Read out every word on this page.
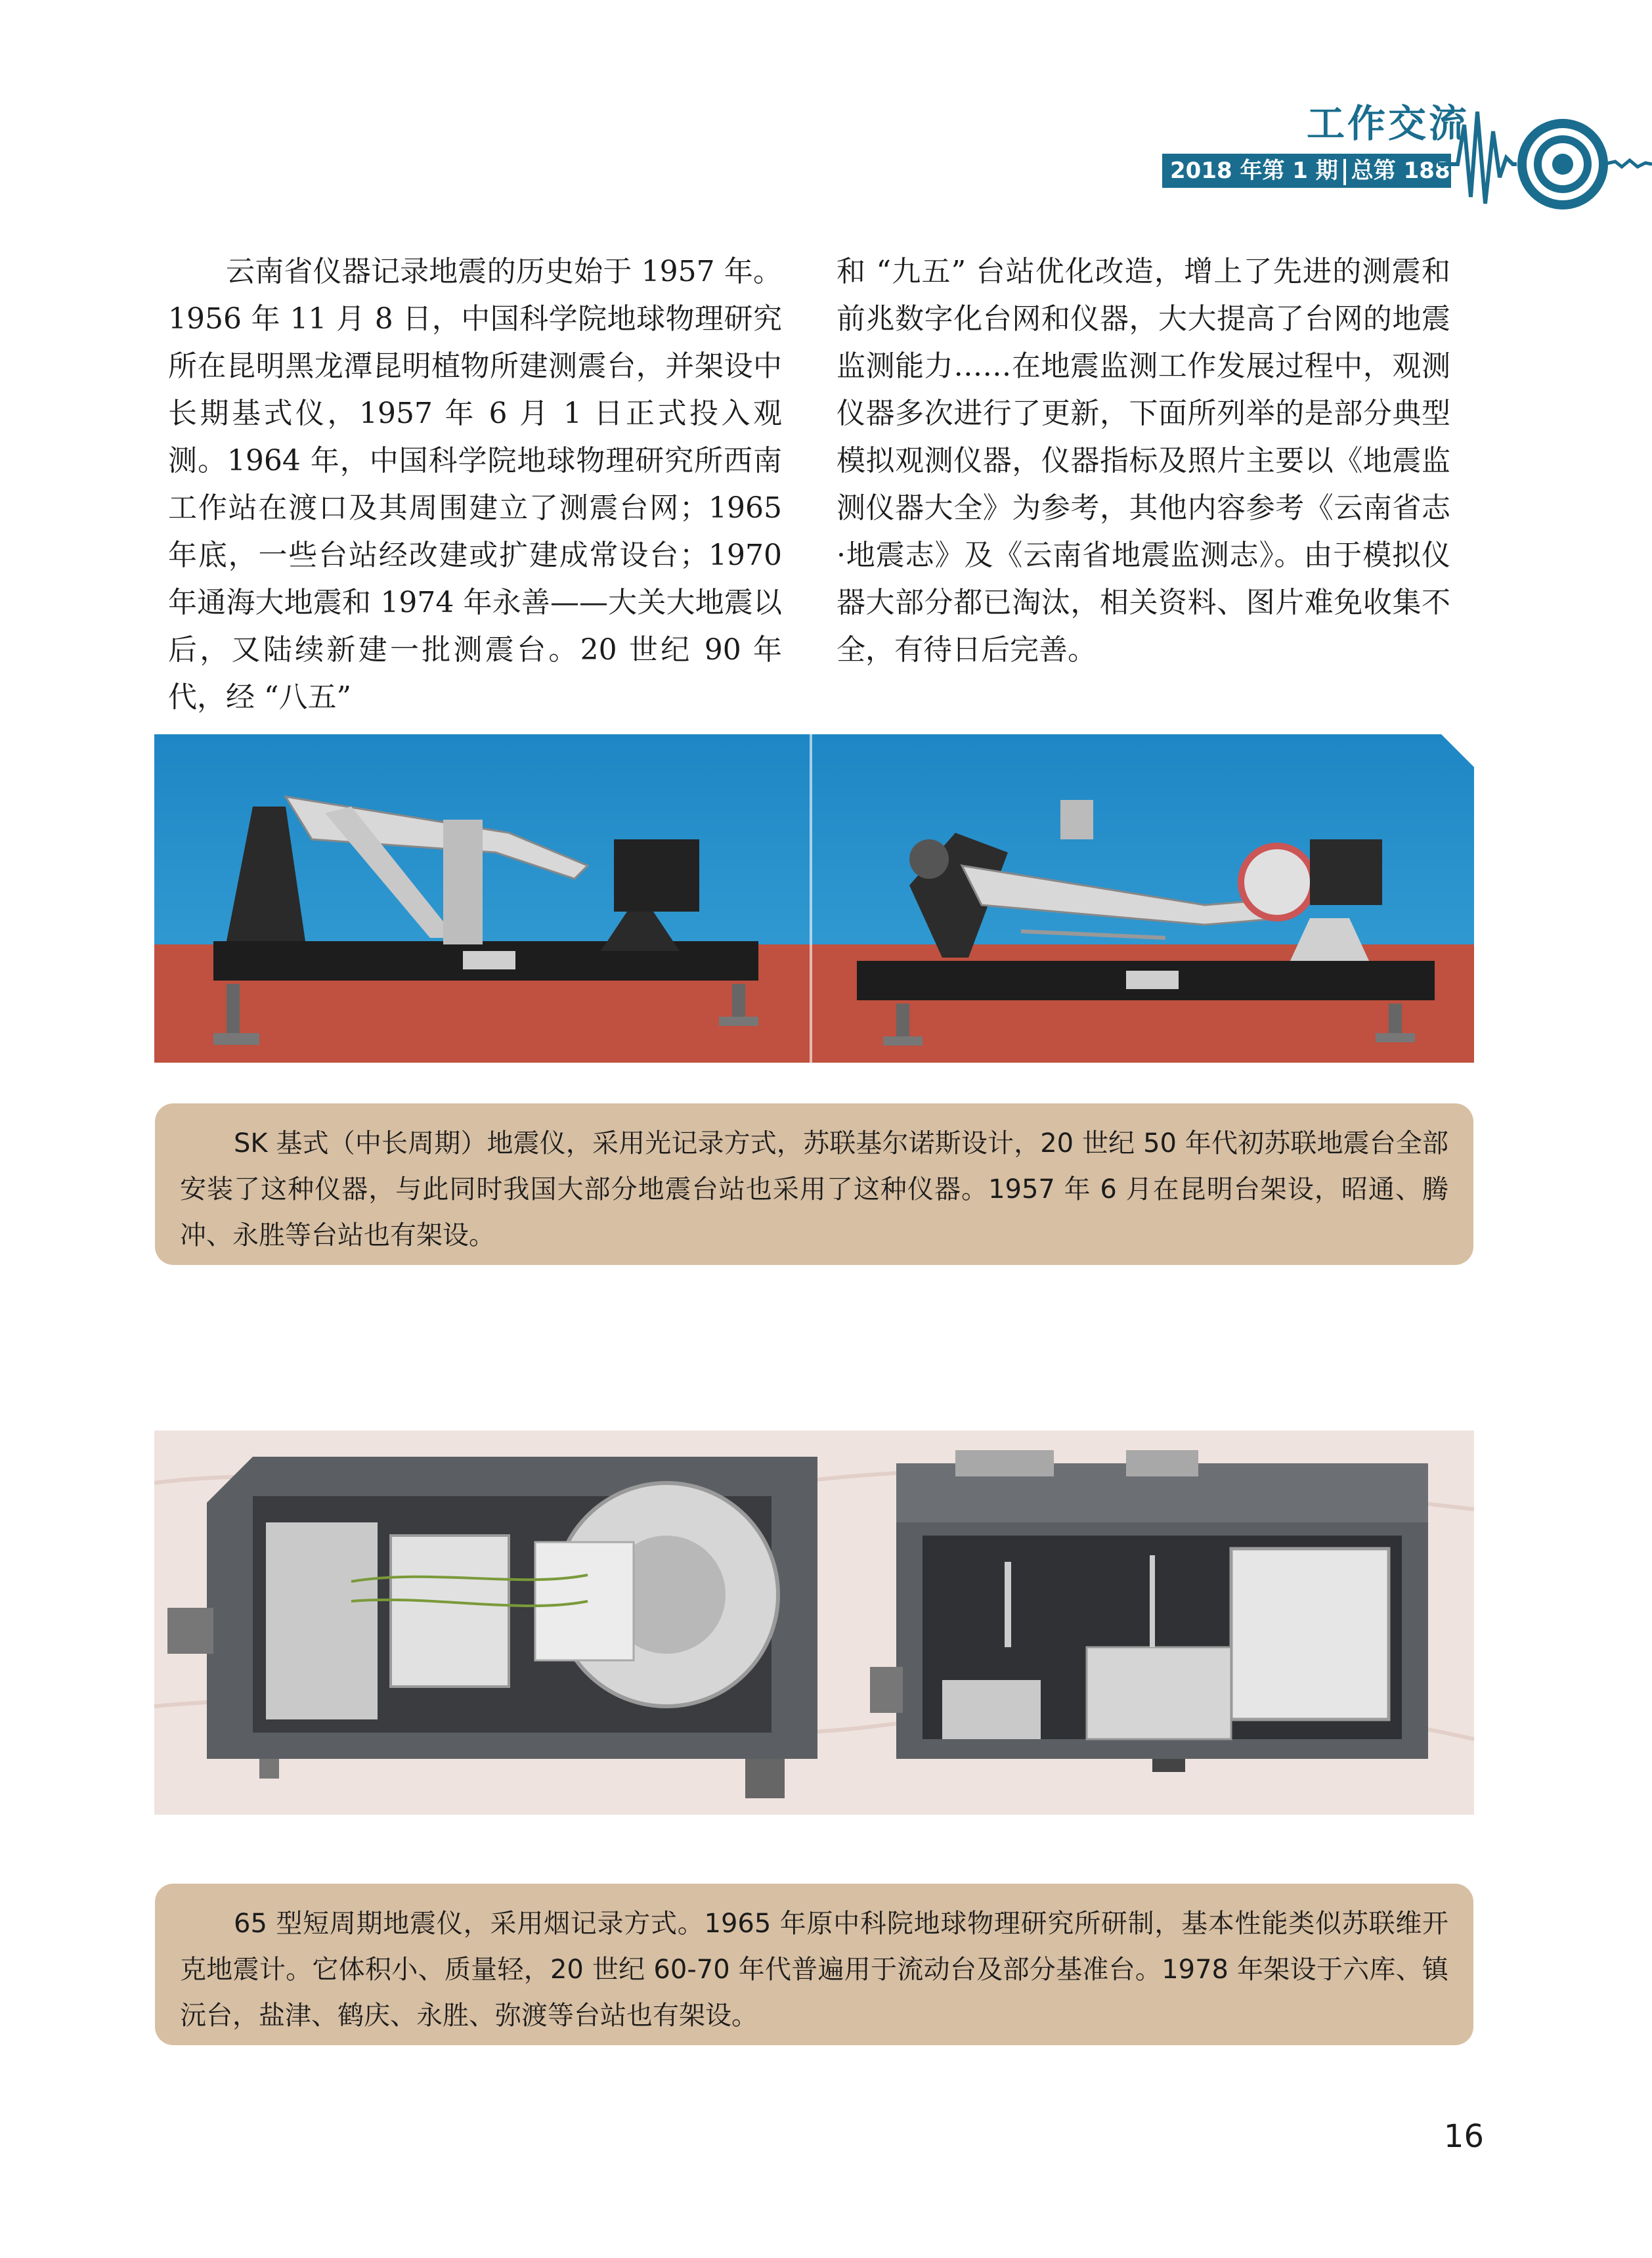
工作交流
2018 年第 1 期 总第 188 期

云南省仪器记录地震的历史始于 1957 年。1956 年 11 月 8 日，中国科学院地球物理研究所在昆明黑龙潭昆明植物所建测震台，并架设中长期基式仪，1957 年 6 月 1 日正式投入观测。1964 年，中国科学院地球物理研究所西南工作站在渡口及其周围建立了测震台网；1965 年底，一些台站经改建或扩建成常设台；1970 年通海大地震和 1974 年永善——大关大地震以后，又陆续新建一批测震台。20 世纪 90 年代，经 “八五”

和 “九五” 台站优化改造，增上了先进的测震和前兆数字化台网和仪器，大大提高了台网的地震监测能力……在地震监测工作发展过程中，观测仪器多次进行了更新，下面所列举的是部分典型模拟观测仪器，仪器指标及照片主要以《地震监测仪器大全》为参考，其他内容参考《云南省志·地震志》及《云南省地震监测志》。由于模拟仪器大部分都已淘汰，相关资料、图片难免收集不全，有待日后完善。

SK 基式（中长周期）地震仪，采用光记录方式，苏联基尔诺斯设计，20 世纪 50 年代初苏联地震台全部安装了这种仪器，与此同时我国大部分地震台站也采用了这种仪器。1957 年 6 月在昆明台架设，昭通、腾冲、永胜等台站也有架设。
65 型短周期地震仪，采用烟记录方式。1965 年原中科院地球物理研究所研制，基本性能类似苏联维开克地震计。它体积小、质量轻，20 世纪 60-70 年代普遍用于流动台及部分基准台。1978 年架设于六库、镇沅台，盐津、鹤庆、永胜、弥渡等台站也有架设。
16
